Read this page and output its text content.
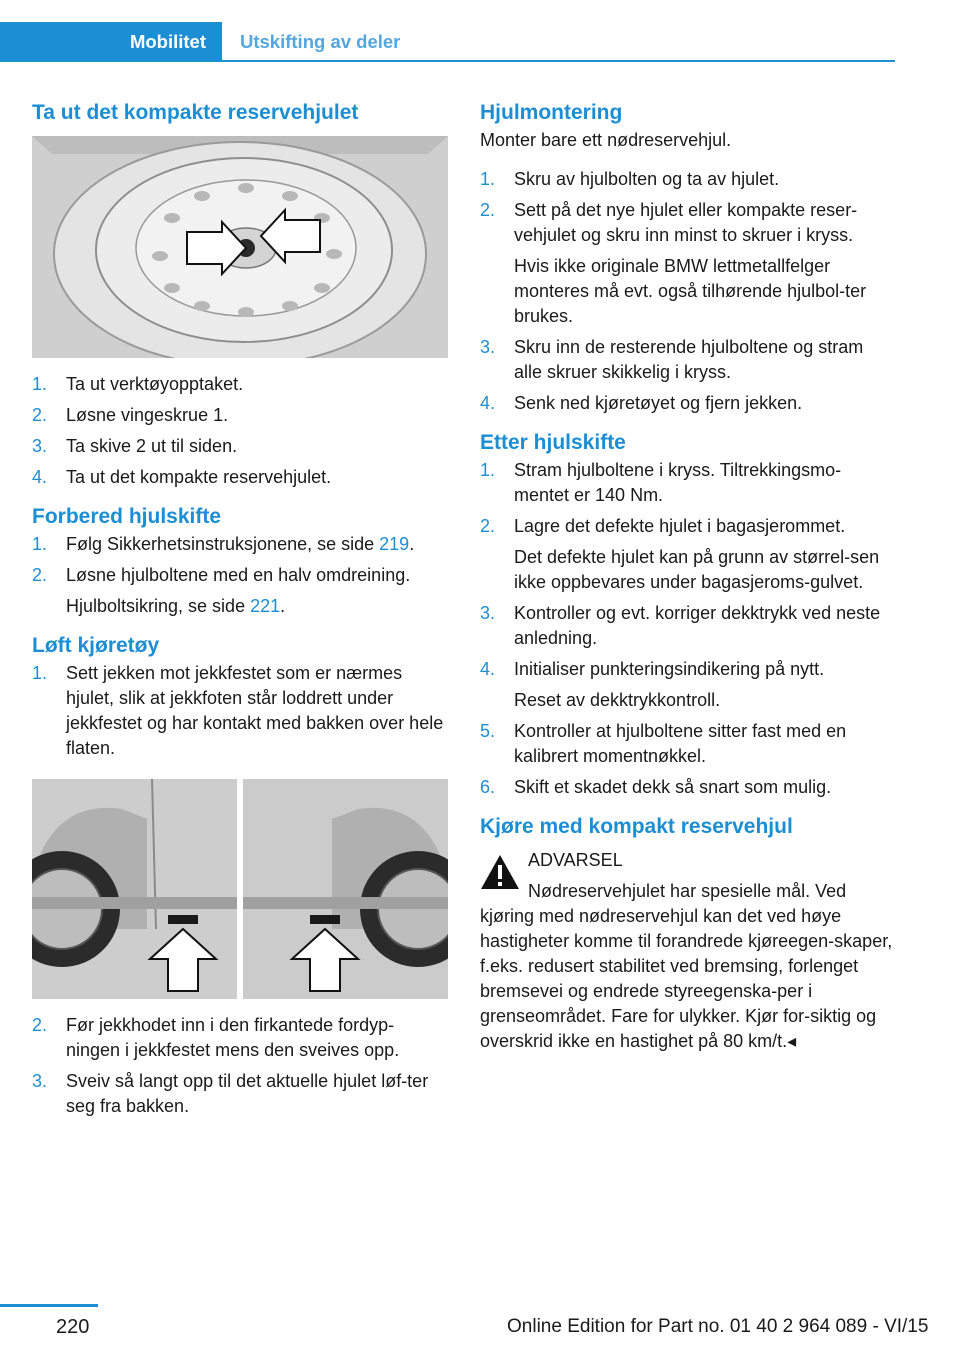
Mobilitet Utskifting av deler
Ta ut det kompakte reservehjulet
1. Ta ut verktøyopptaket.
2. Løsne vingeskrue 1.
3. Ta skive 2 ut til siden.
4. Ta ut det kompakte reservehjulet.
Forbered hjulskifte
1. Følg Sikkerhetsinstruksjonene, se side 219.
2. Løsne hjulboltene med en halv omdreining.
Hjulboltsikring, se side 221.
Løft kjøretøy
1. Sett jekken mot jekkfestet som er nærmes hjulet, slik at jekkfoten står loddrett under jekkfestet og har kontakt med bakken over hele flaten.
2. Før jekkhodet inn i den firkantede fordyp-ningen i jekkfestet mens den sveives opp.
3. Sveiv så langt opp til det aktuelle hjulet løf-ter seg fra bakken.
Hjulmontering

Monter bare ett nødreservehjul.

1. Skru av hjulbolten og ta av hjulet.
2. Sett på det nye hjulet eller kompakte reser-vehjulet og skru inn minst to skruer i kryss.
Hvis ikke originale BMW lettmetallfelger monteres må evt. også tilhørende hjulbol-ter brukes.
3. Skru inn de resterende hjulboltene og stram alle skruer skikkelig i kryss.
4. Senk ned kjøretøyet og fjern jekken.
Etter hjulskifte
1. Stram hjulboltene i kryss. Tiltrekkingsmo-mentet er 140 Nm.
2. Lagre det defekte hjulet i bagasjerommet.
Det defekte hjulet kan på grunn av størrel-sen ikke oppbevares under bagasjeroms-gulvet.
3. Kontroller og evt. korriger dekktrykk ved neste anledning.
4. Initialiser punkteringsindikering på nytt.
Reset av dekktrykkontroll.
5. Kontroller at hjulboltene sitter fast med en kalibrert momentnøkkel.
6. Skift et skadet dekk så snart som mulig.
Kjøre med kompakt reservehjul
ADVARSEL
Nødreservehjulet har spesielle mål. Ved
kjøring med nødreservehjul kan det ved høye hastigheter komme til forandrede kjøreegen-skaper, f.eks. redusert stabilitet ved bremsing, forlenget bremsevei og endrede styreegenska-per i grenseområdet. Fare for ulykker. Kjør for-siktig og overskrid ikke en hastighet på 80 km/t.◂
220	Online Edition for Part no. 01 40 2 964 089 - VI/15
